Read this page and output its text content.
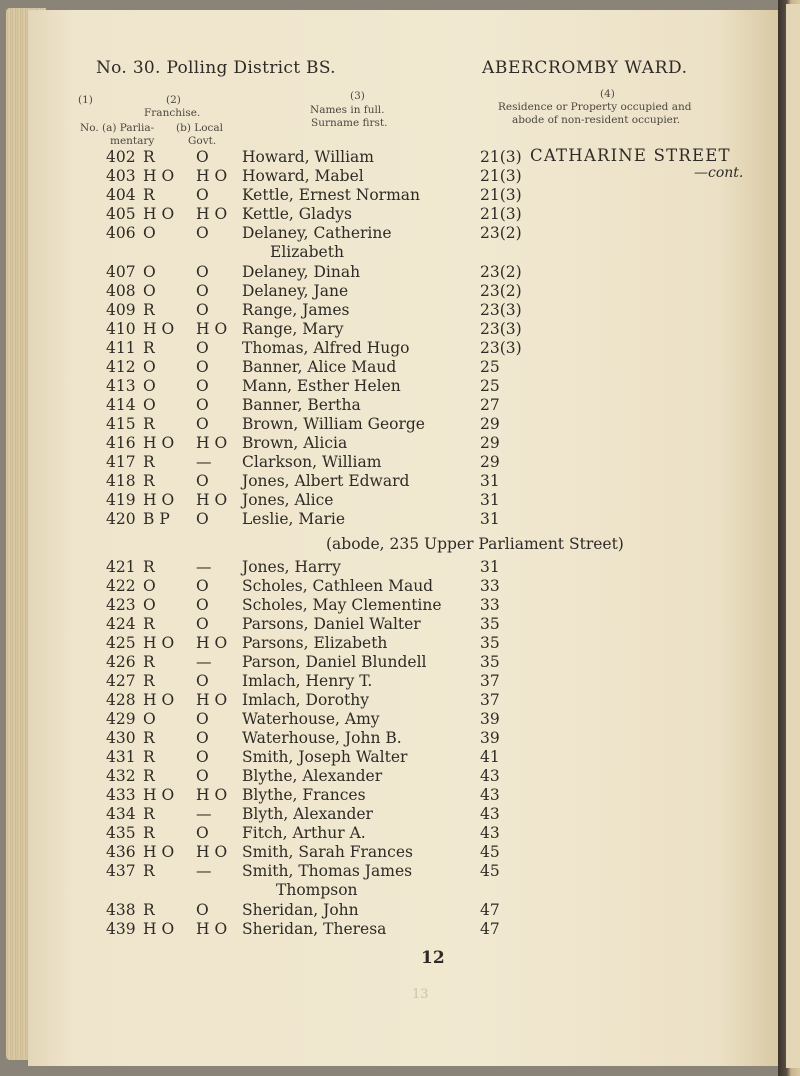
No. 30. Polling District BS.	ABERCROMBY WARD.
(1)
No.
(2)
Franchise.
(a) Parlia-
mentary
(b) Local
Govt.
(3)
Names in full.
Surname first.
(4)
Residence or Property occupied and
abode of non-resident occupier.
CATHARINE STREET
—cont.
402 R	O	Howard, William	21(3)
403 H O	H O Howard, Mabel	21(3)
404 R	O	Kettle, Ernest Norman	21(3)
405 H O	H O Kettle, Gladys	21(3)
406 O	O	Delaney, Catherine	23(2)
Elizabeth
407 O	O	Delaney, Dinah	23(2)
408 O	O	Delaney, Jane	23(2)
409 R	O	Range, James	23(3)
410 H O	H O Range, Mary	23(3)
411 R	O	Thomas, Alfred Hugo	23(3)
412 O	O	Banner, Alice Maud	25
413 O	O	Mann, Esther Helen	25
414 O	O	Banner, Bertha	27
415 R	O	Brown, William George	29
416 H O	H O Brown, Alicia	29
417 R	—	Clarkson, William	29
418 R	O	Jones, Albert Edward	31
419 H O	H O Jones, Alice	31
420 B P	O	Leslie, Marie	31
421 R	—	Jones, Harry	31
422 O	O	Scholes, Cathleen Maud	33
423 O	O	Scholes, May Clementine 33
424 R	O	Parsons, Daniel Walter	35
425 H O	H O Parsons, Elizabeth	35
426 R	—	Parson, Daniel Blundell	35
427 R	O	Imlach, Henry T.	37
428 H O	H O Imlach, Dorothy	37
429 O	O	Waterhouse, Amy	39
430 R	O	Waterhouse, John B.	39
431 R	O	Smith, Joseph Walter	41
432 R	O	Blythe, Alexander	43
433 H O	H O Blythe, Frances	43
434 R	—	Blyth, Alexander	43
435 R	O	Fitch, Arthur A.	43
436 H O	H O Smith, Sarah Frances	45
437 R	—	Smith, Thomas James	45
Thompson
438 R	O	Sheridan, John	47
439 H O	H O Sheridan, Theresa	47
(abode, 235 Upper Parliament Street)
12
13
